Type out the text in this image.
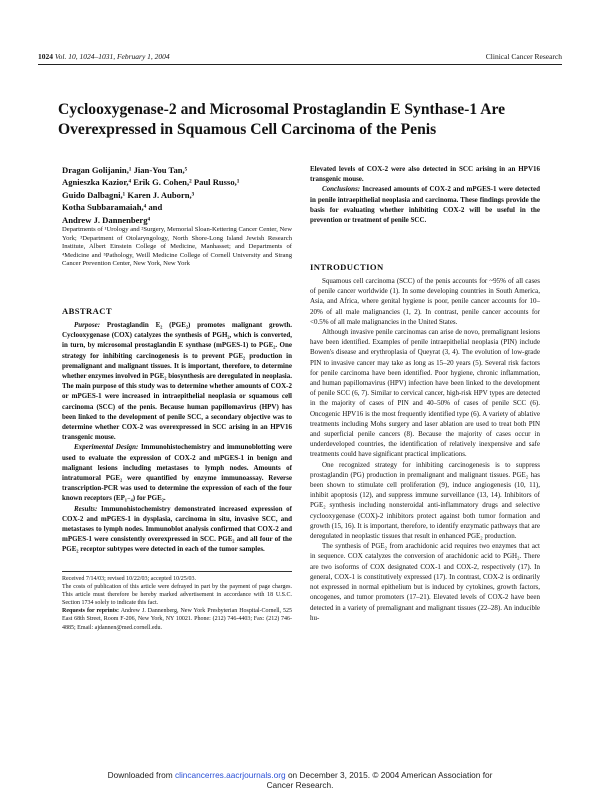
1024 Vol. 10, 1024–1031, February 1, 2004	Clinical Cancer Research
Cyclooxygenase-2 and Microsomal Prostaglandin E Synthase-1 Are Overexpressed in Squamous Cell Carcinoma of the Penis
Dragan Golijanin,¹ Jian-You Tan,⁵
Agnieszka Kazior,⁴ Erik G. Cohen,² Paul Russo,¹
Guido Dalbagni,¹ Karen J. Auborn,³
Kotha Subbaramaiah,⁴ and
Andrew J. Dannenberg⁴
Departments of ¹Urology and ²Surgery, Memorial Sloan-Kettering Cancer Center, New York; ³Department of Otolaryngology, North Shore-Long Island Jewish Research Institute, Albert Einstein College of Medicine, Manhasset; and Departments of ⁴Medicine and ⁵Pathology, Weill Medicine College of Cornell University and Strang Cancer Prevention Center, New York, New York
ABSTRACT

Purpose: Prostaglandin E₂ (PGE₂) promotes malignant growth. Cyclooxygenase (COX) catalyzes the synthesis of PGH₂, which is converted, in turn, by microsomal prostaglandin E synthase (mPGES-1) to PGE₂. One strategy for inhibiting carcinogenesis is to prevent PGE₂ production in premalignant and malignant tissues. It is important, therefore, to determine whether enzymes involved in PGE₂ biosynthesis are deregulated in neoplasia. The main purpose of this study was to determine whether amounts of COX-2 or mPGES-1 were increased in intraepithelial neoplasia or squamous cell carcinoma (SCC) of the penis. Because human papillomavirus (HPV) has been linked to the development of penile SCC, a secondary objective was to determine whether COX-2 was overexpressed in SCC arising in an HPV16 transgenic mouse.

Experimental Design: Immunohistochemistry and immunoblotting were used to evaluate the expression of COX-2 and mPGES-1 in benign and malignant lesions including metastases to lymph nodes. Amounts of intratumoral PGE₂ were quantified by enzyme immunoassay. Reverse transcription-PCR was used to determine the expression of each of the four known receptors (EP₁₋₄) for PGE₂.

Results: Immunohistochemistry demonstrated increased expression of COX-2 and mPGES-1 in dysplasia, carcinoma in situ, invasive SCC, and metastases to lymph nodes. Immunoblot analysis confirmed that COX-2 and mPGES-1 were consistently overexpressed in SCC. PGE₂ and all four of the PGE₂ receptor subtypes were detected in each of the tumor samples.

Received 7/14/03; revised 10/22/03; accepted 10/25/03.

The costs of publication of this article were defrayed in part by the payment of page charges. This article must therefore be hereby marked advertisement in accordance with 18 U.S.C. Section 1734 solely to indicate this fact.

Requests for reprints: Andrew J. Dannenberg, New York Presbyterian Hospital-Cornell, 525 East 68th Street, Room F-206, New York, NY 10021. Phone: (212) 746-4403; Fax: (212) 746-4885; Email: ajdannen@med.cornell.edu.

Elevated levels of COX-2 were also detected in SCC arising in an HPV16 transgenic mouse.

Conclusions: Increased amounts of COX-2 and mPGES-1 were detected in penile intraepithelial neoplasia and carcinoma. These findings provide the basis for evaluating whether inhibiting COX-2 will be useful in the prevention or treatment of penile SCC.

INTRODUCTION

Squamous cell carcinoma (SCC) of the penis accounts for ~95% of all cases of penile cancer worldwide (1). In some developing countries in South America, Asia, and Africa, where genital hygiene is poor, penile cancer accounts for 10–20% of all male malignancies (1, 2). In contrast, penile cancer accounts for <0.5% of all male malignancies in the United States.

Although invasive penile carcinomas can arise de novo, premalignant lesions have been identified. Examples of penile intraepithelial neoplasia (PIN) include Bowen's disease and erythroplasia of Queyrat (3, 4). The evolution of low-grade PIN to invasive cancer may take as long as 15–20 years (5). Several risk factors for penile carcinoma have been identified. Poor hygiene, chronic inflammation, and human papillomavirus (HPV) infection have been linked to the development of penile SCC (6, 7). Similar to cervical cancer, high-risk HPV types are detected in the majority of cases of PIN and 40–50% of cases of penile SCC (6). Oncogenic HPV16 is the most frequently identified type (6). A variety of ablative treatments including Mohs surgery and laser ablation are used to treat both PIN and superficial penile cancers (8). Because the majority of cases occur in underdeveloped countries, the identification of relatively inexpensive and safe treatments could have significant practical implications.

One recognized strategy for inhibiting carcinogenesis is to suppress prostaglandin (PG) production in premalignant and malignant tissues. PGE₂ has been shown to stimulate cell proliferation (9), induce angiogenesis (10, 11), inhibit apoptosis (12), and suppress immune surveillance (13, 14). Inhibitors of PGE₂ synthesis including nonsteroidal anti-inflammatory drugs and selective cyclooxygenase (COX)-2 inhibitors protect against both tumor formation and growth (15, 16). It is important, therefore, to identify enzymatic pathways that are deregulated in neoplastic tissues that result in enhanced PGE₂ production.

The synthesis of PGE₂ from arachidonic acid requires two enzymes that act in sequence. COX catalyzes the conversion of arachidonic acid to PGH₂. There are two isoforms of COX designated COX-1 and COX-2, respectively (17). In general, COX-1 is constitutively expressed (17). In contrast, COX-2 is ordinarily not expressed in normal epithelium but is induced by cytokines, growth factors, oncogenes, and tumor promoters (17–21). Elevated levels of COX-2 have been detected in a variety of premalignant and malignant tissues (22–28). An inducible hu-

Downloaded from clincancerres.aacrjournals.org on December 3, 2015. © 2004 American Association for
Cancer Research.
